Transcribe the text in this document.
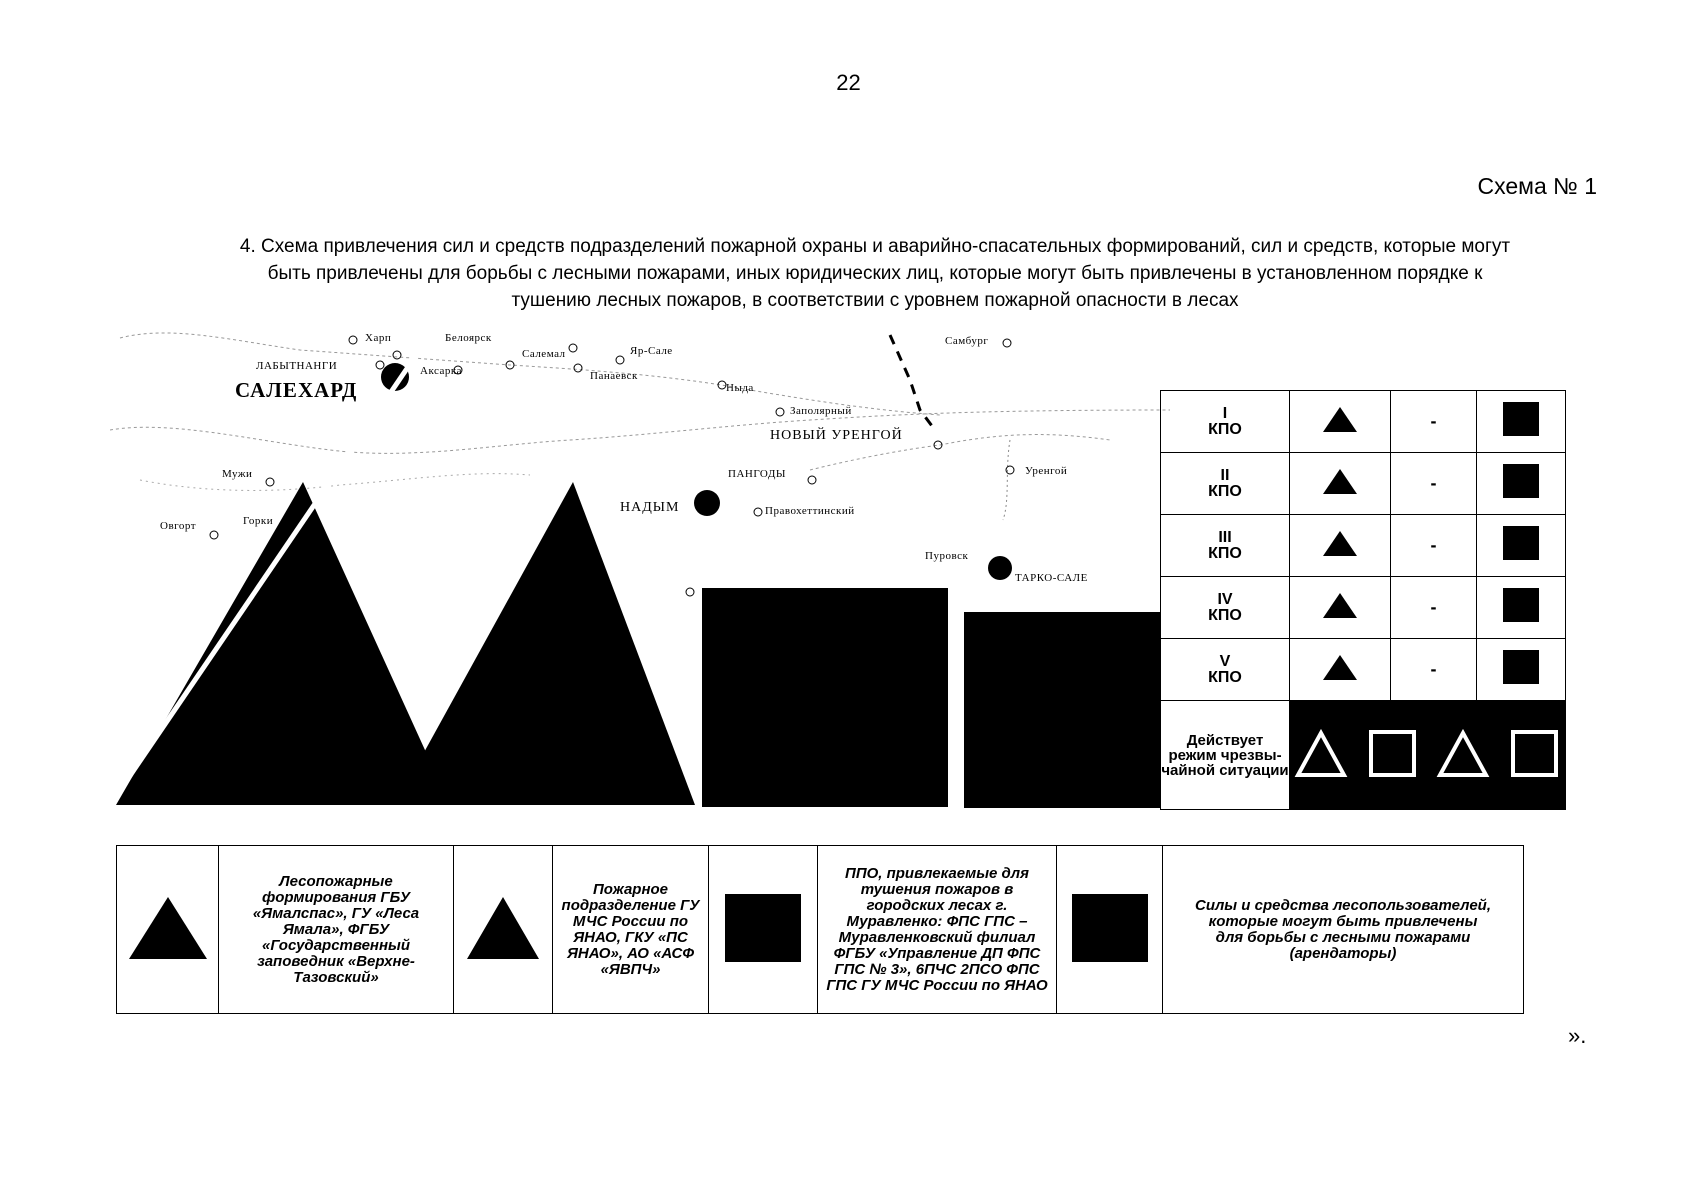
22
Схема № 1
4. Схема привлечения сил и средств подразделений пожарной охраны и аварийно-спасательных формирований, сил и средств, которые могут быть привлечены для борьбы с лесными пожарами, иных юридических лиц, которые могут быть привлечены в установленном порядке к тушению лесных пожаров, в соответствии с уровнем пожарной опасности в лесах
САЛЕХАРД
ЛАБЫТНАНГИ
Харп	Белоярск
Аксарка
Салемал	Яр-Сале
Панаевск
Ныда
Заполярный
НОВЫЙ УРЕНГОЙ
ПАНГОДЫ
НАДЫМ	Правохеттинский
Уренгой
Пуровск
ТАРКО-САЛЕ
Самбург
Мужи
Овгорт	Горки
I
КПО		-	
II
КПО		-	
III
КПО		-	
IV
КПО		-	
V
КПО		-	
Действует режим чрезвы-чайной ситуации	
	Лесопожарные формирования ГБУ «Ямалспас», ГУ «Леса Ямала», ФГБУ «Государственный заповедник «Верхне-Тазовский»		Пожарное подразделение ГУ МЧС России по ЯНАО, ГКУ «ПС ЯНАО», АО «АСФ «ЯВПЧ»		ППО, привлекаемые для тушения пожаров в городских лесах г. Муравленко: ФПС ГПС – Муравленковский филиал ФГБУ «Управление ДП ФПС ГПС № 3», 6ПЧС 2ПСО ФПС ГПС ГУ МЧС России по ЯНАО		Силы и средства лесопользователей, которые могут быть привлечены для борьбы с лесными пожарами (арендаторы)
».
